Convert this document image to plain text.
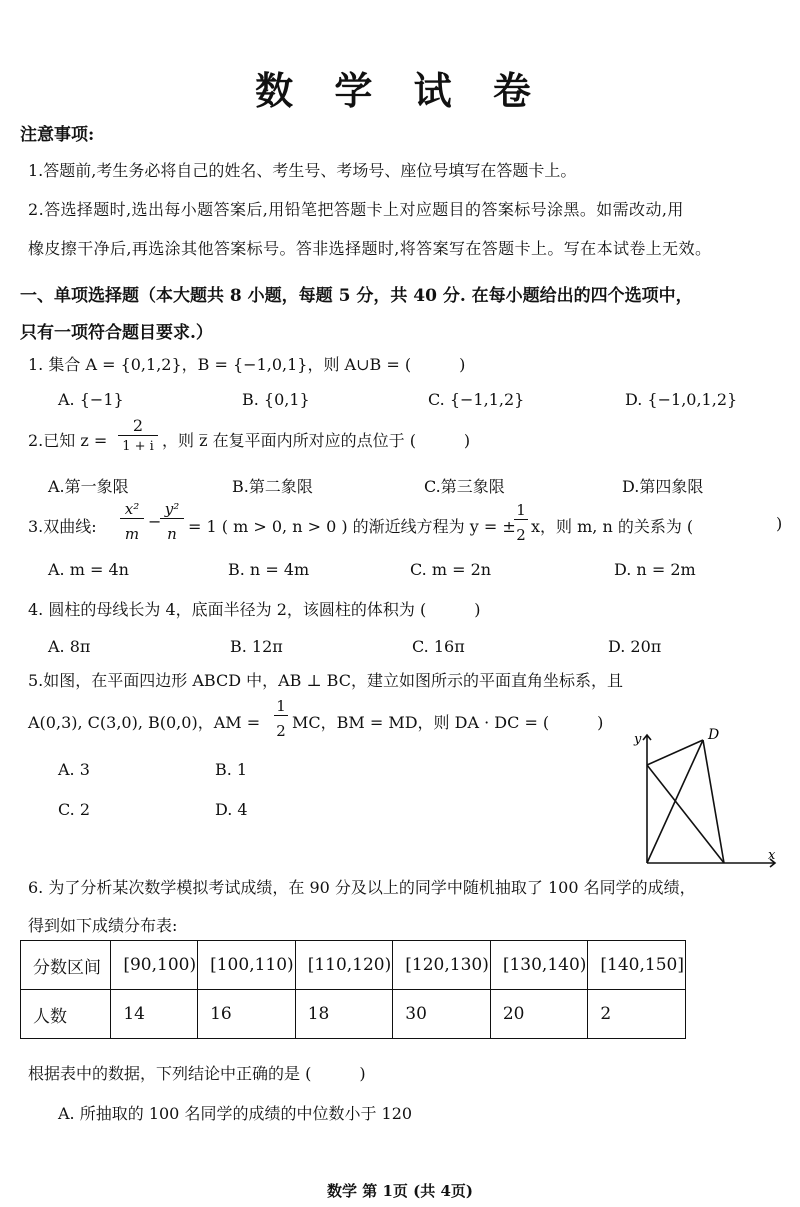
数 学 试 卷
注意事项:
1.答题前,考生务必将自己的姓名、考生号、考场号、座位号填写在答题卡上。
2.答选择题时,选出每小题答案后,用铅笔把答题卡上对应题目的答案标号涂黑。如需改动,用
橡皮擦干净后,再选涂其他答案标号。答非选择题时,将答案写在答题卡上。写在本试卷上无效。
一、单项选择题（本大题共 8 小题，每题 5 分，共 40 分. 在每小题给出的四个选项中，
只有一项符合题目要求.）
1. 集合 A = {0,1,2}，B = {−1,0,1}，则 A∪B = (　　　)
A. {−1}	B. {0,1}	C. {−1,1,2}	D. {−1,0,1,2}
2.已知 z =
2
1 + i ，则 z̅ 在复平面内所对应的点位于 (　　　)
A.第一象限	B.第二象限	C.第三象限	D.第四象限
3.双曲线:
x²
m
−
y²
n = 1 ( m > 0, n > 0 ) 的渐近线方程为 y = ±
1
2 x，则 m, n 的关系为 (	)
A. m = 4n	B. n = 4m	C. m = 2n	D. n = 2m
4. 圆柱的母线长为 4，底面半径为 2，该圆柱的体积为 (　　　)
A. 8π	B. 12π	C. 16π	D. 20π
5.如图，在平面四边形 ABCD 中，AB ⊥ BC，建立如图所示的平面直角坐标系，且
A(0,3), C(3,0), B(0,0)，AM =
1
2 MC，BM = MD，则 DA · DC = (　　　)
A. 3	B. 1
C. 2	D. 4
y
x
D
6. 为了分析某次数学模拟考试成绩，在 90 分及以上的同学中随机抽取了 100 名同学的成绩，
得到如下成绩分布表:
分数区间	[90,100)	[100,110)	[110,120)	[120,130)	[130,140)	[140,150]
人数	14	16	18	30	20	2
根据表中的数据，下列结论中正确的是 (　　　)
A. 所抽取的 100 名同学的成绩的中位数小于 120
数学 第 1页 (共 4页)
